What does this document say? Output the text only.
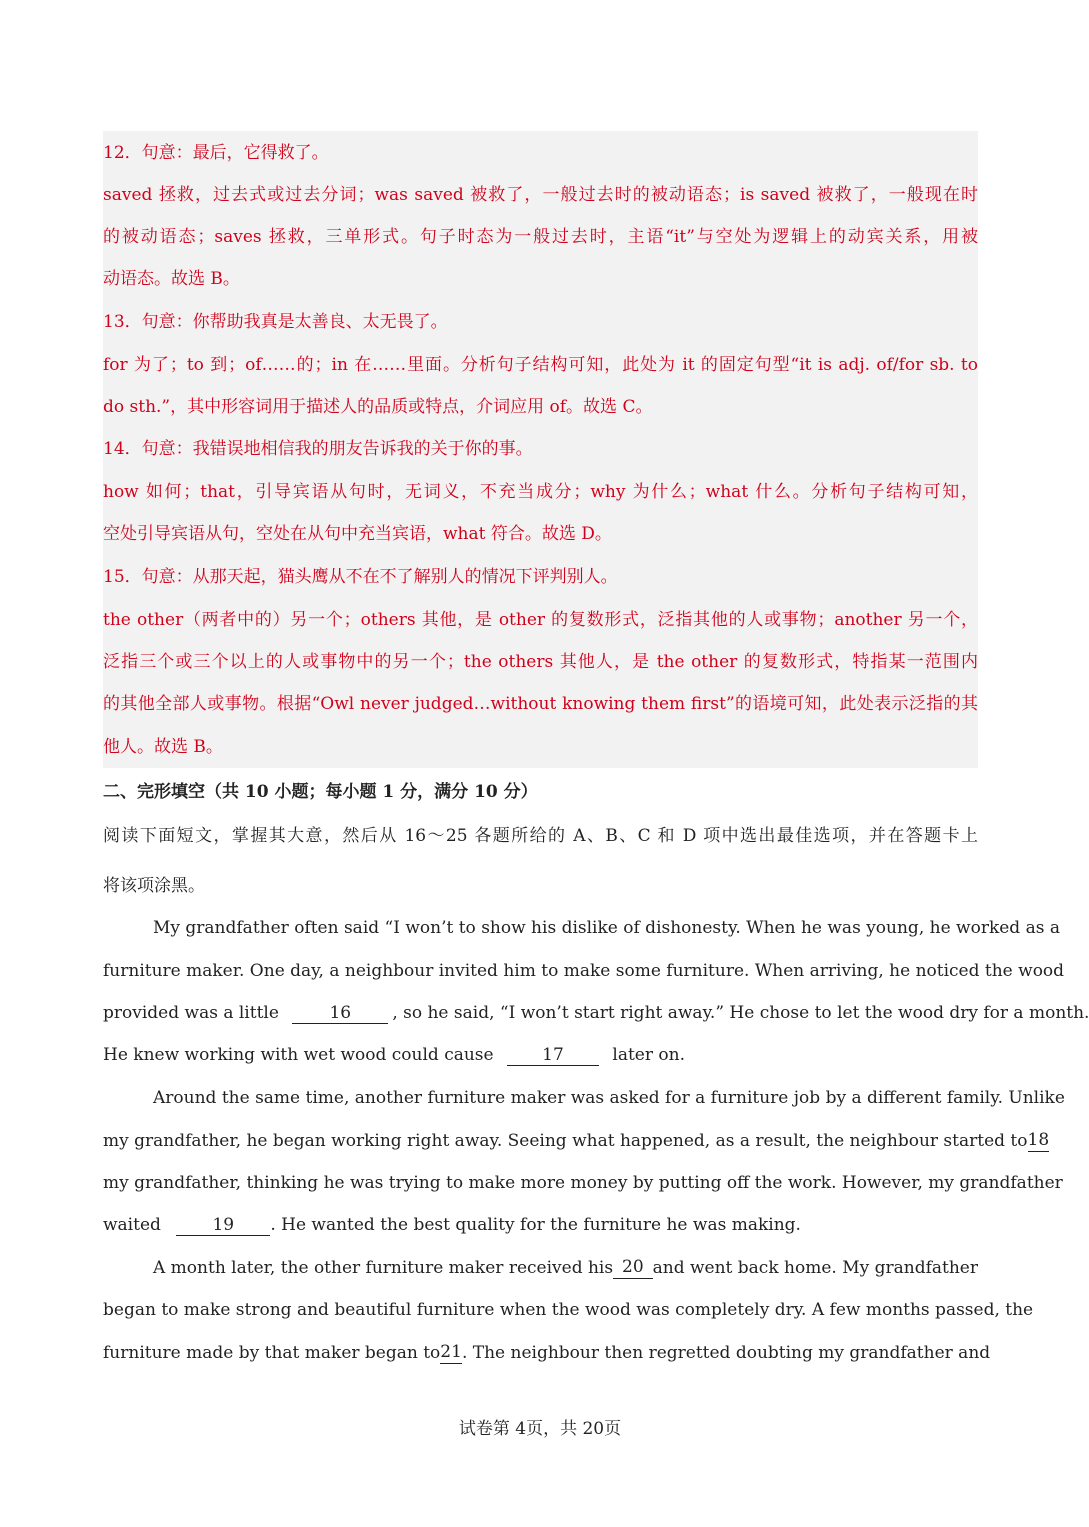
12．句意：最后，它得救了。
saved 拯救，过去式或过去分词；was saved 被救了，一般过去时的被动语态；is saved 被救了，一般现在时
的被动语态；saves 拯救，三单形式。句子时态为一般过去时，主语“it”与空处为逻辑上的动宾关系，用被
动语态。故选 B。
13．句意：你帮助我真是太善良、太无畏了。
for 为了；to 到；of……的；in 在……里面。分析句子结构可知，此处为 it 的固定句型“it is adj. of/for sb. to
do sth.”，其中形容词用于描述人的品质或特点，介词应用 of。故选 C。
14．句意：我错误地相信我的朋友告诉我的关于你的事。
how 如何；that，引导宾语从句时，无词义，不充当成分；why 为什么；what 什么。分析句子结构可知，
空处引导宾语从句，空处在从句中充当宾语，what 符合。故选 D。
15．句意：从那天起，猫头鹰从不在不了解别人的情况下评判别人。
the other（两者中的）另一个；others 其他，是 other 的复数形式，泛指其他的人或事物；another 另一个，
泛指三个或三个以上的人或事物中的另一个；the others 其他人，是 the other 的复数形式，特指某一范围内
的其他全部人或事物。根据“Owl never judged…without knowing them first”的语境可知，此处表示泛指的其
他人。故选 B。
二、完形填空（共 10 小题；每小题 1 分，满分 10 分）
阅读下面短文，掌握其大意，然后从 16～25 各题所给的 A、B、C 和 D 项中选出最佳选项，并在答题卡上
将该项涂黑。
My grandfather often said “I won’t to show his dislike of dishonesty. When he was young, he worked as a
furniture maker. One day, a neighbour invited him to make some furniture. When arriving, he noticed the wood
provided was a little	16 , so he said, “I won’t start right away.” He chose to let the wood dry for a month.
He knew working with wet wood could cause	17	later on.
Around the same time, another furniture maker was asked for a furniture job by a different family. Unlike
my grandfather, he began working right away. Seeing what happened, as a result, the neighbour started to 18
my grandfather, thinking he was trying to make more money by putting off the work. However, my grandfather
waited	19 . He wanted the best quality for the furniture he was making.
A month later, the other furniture maker received his 20 and went back home. My grandfather
began to make strong and beautiful furniture when the wood was completely dry. A few months passed, the
furniture made by that maker began to 21 . The neighbour then regretted doubting my grandfather and
试卷第 4页，共 20页
